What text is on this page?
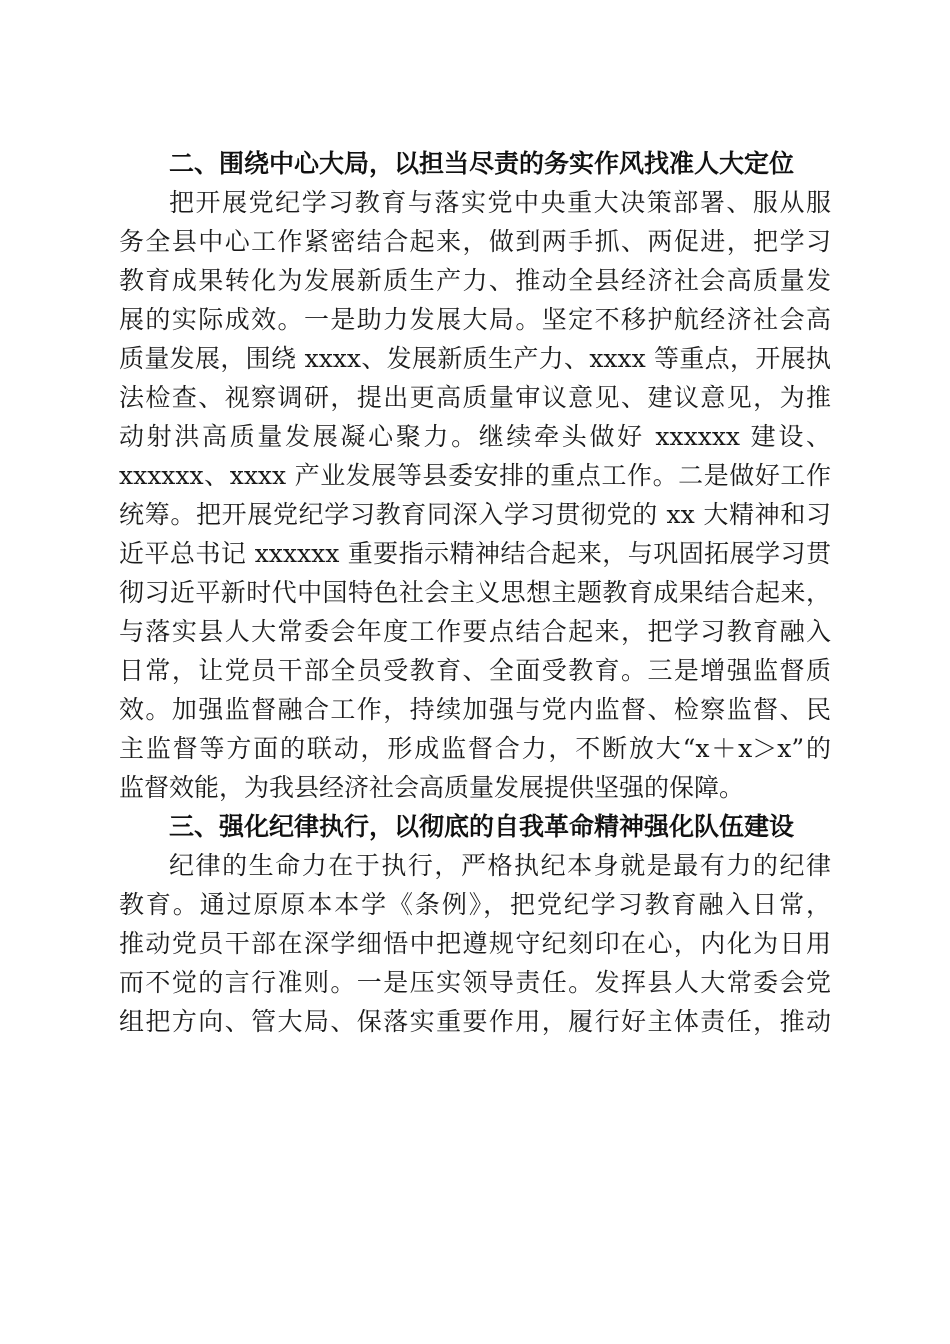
二、围绕中心大局，以担当尽责的务实作风找准人大定位
把开展党纪学习教育与落实党中央重大决策部署、服从服
务全县中心工作紧密结合起来，做到两手抓、两促进，把学习
教育成果转化为发展新质生产力、推动全县经济社会高质量发
展的实际成效。一是助力发展大局。坚定不移护航经济社会高
质量发展，围绕 xxxx、发展新质生产力、xxxx 等重点，开展执
法检查、视察调研，提出更高质量审议意见、建议意见，为推
动射洪高质量发展凝心聚力。继续牵头做好 xxxxxx 建设、
xxxxxx、xxxx 产业发展等县委安排的重点工作。二是做好工作
统筹。把开展党纪学习教育同深入学习贯彻党的 xx 大精神和习
近平总书记 xxxxxx 重要指示精神结合起来，与巩固拓展学习贯
彻习近平新时代中国特色社会主义思想主题教育成果结合起来，
与落实县人大常委会年度工作要点结合起来，把学习教育融入
日常，让党员干部全员受教育、全面受教育。三是增强监督质
效。加强监督融合工作，持续加强与党内监督、检察监督、民
主监督等方面的联动，形成监督合力，不断放大“x＋x＞x”的
监督效能，为我县经济社会高质量发展提供坚强的保障。
三、强化纪律执行，以彻底的自我革命精神强化队伍建设
纪律的生命力在于执行，严格执纪本身就是最有力的纪律
教育。通过原原本本学《条例》，把党纪学习教育融入日常，
推动党员干部在深学细悟中把遵规守纪刻印在心，内化为日用
而不觉的言行准则。一是压实领导责任。发挥县人大常委会党
组把方向、管大局、保落实重要作用，履行好主体责任，推动
